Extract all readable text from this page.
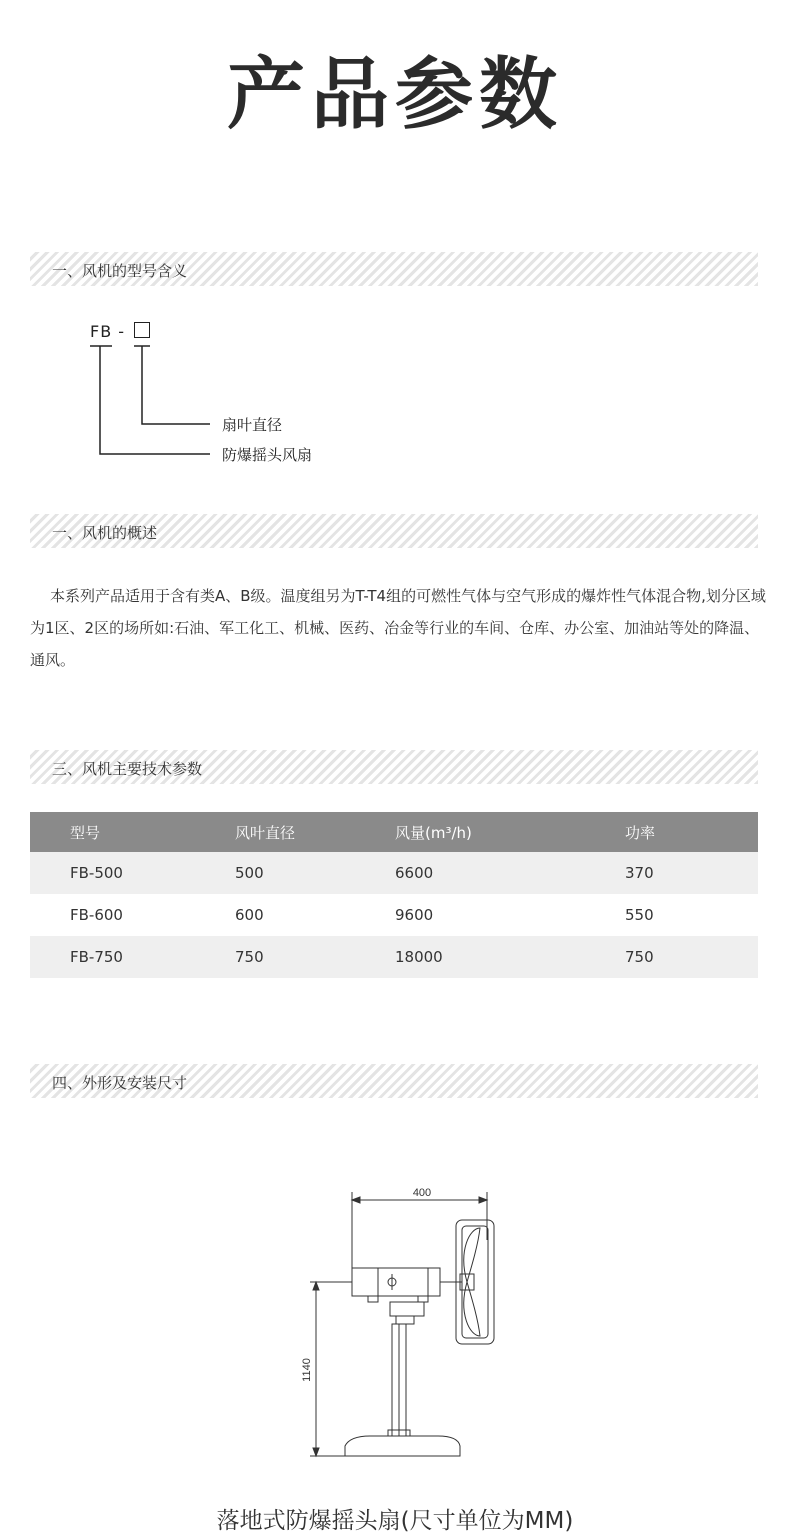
产品参数
一、风机的型号含义
FB -
扇叶直径
防爆摇头风扇
一、风机的概述
本系列产品适用于含有类A、B级。温度组另为T-T4组的可燃性气体与空气形成的爆炸性气体混合物,划分区域为1区、2区的场所如:石油、军工化工、机械、医药、冶金等行业的车间、仓库、办公室、加油站等处的降温、通风。
三、风机主要技术参数
型号	风叶直径	风量(m³/h)	功率
FB-500	500	6600	370
FB-600	600	9600	550
FB-750	750	18000	750
四、外形及安装尺寸
400
1140
落地式防爆摇头扇(尺寸单位为MM)
